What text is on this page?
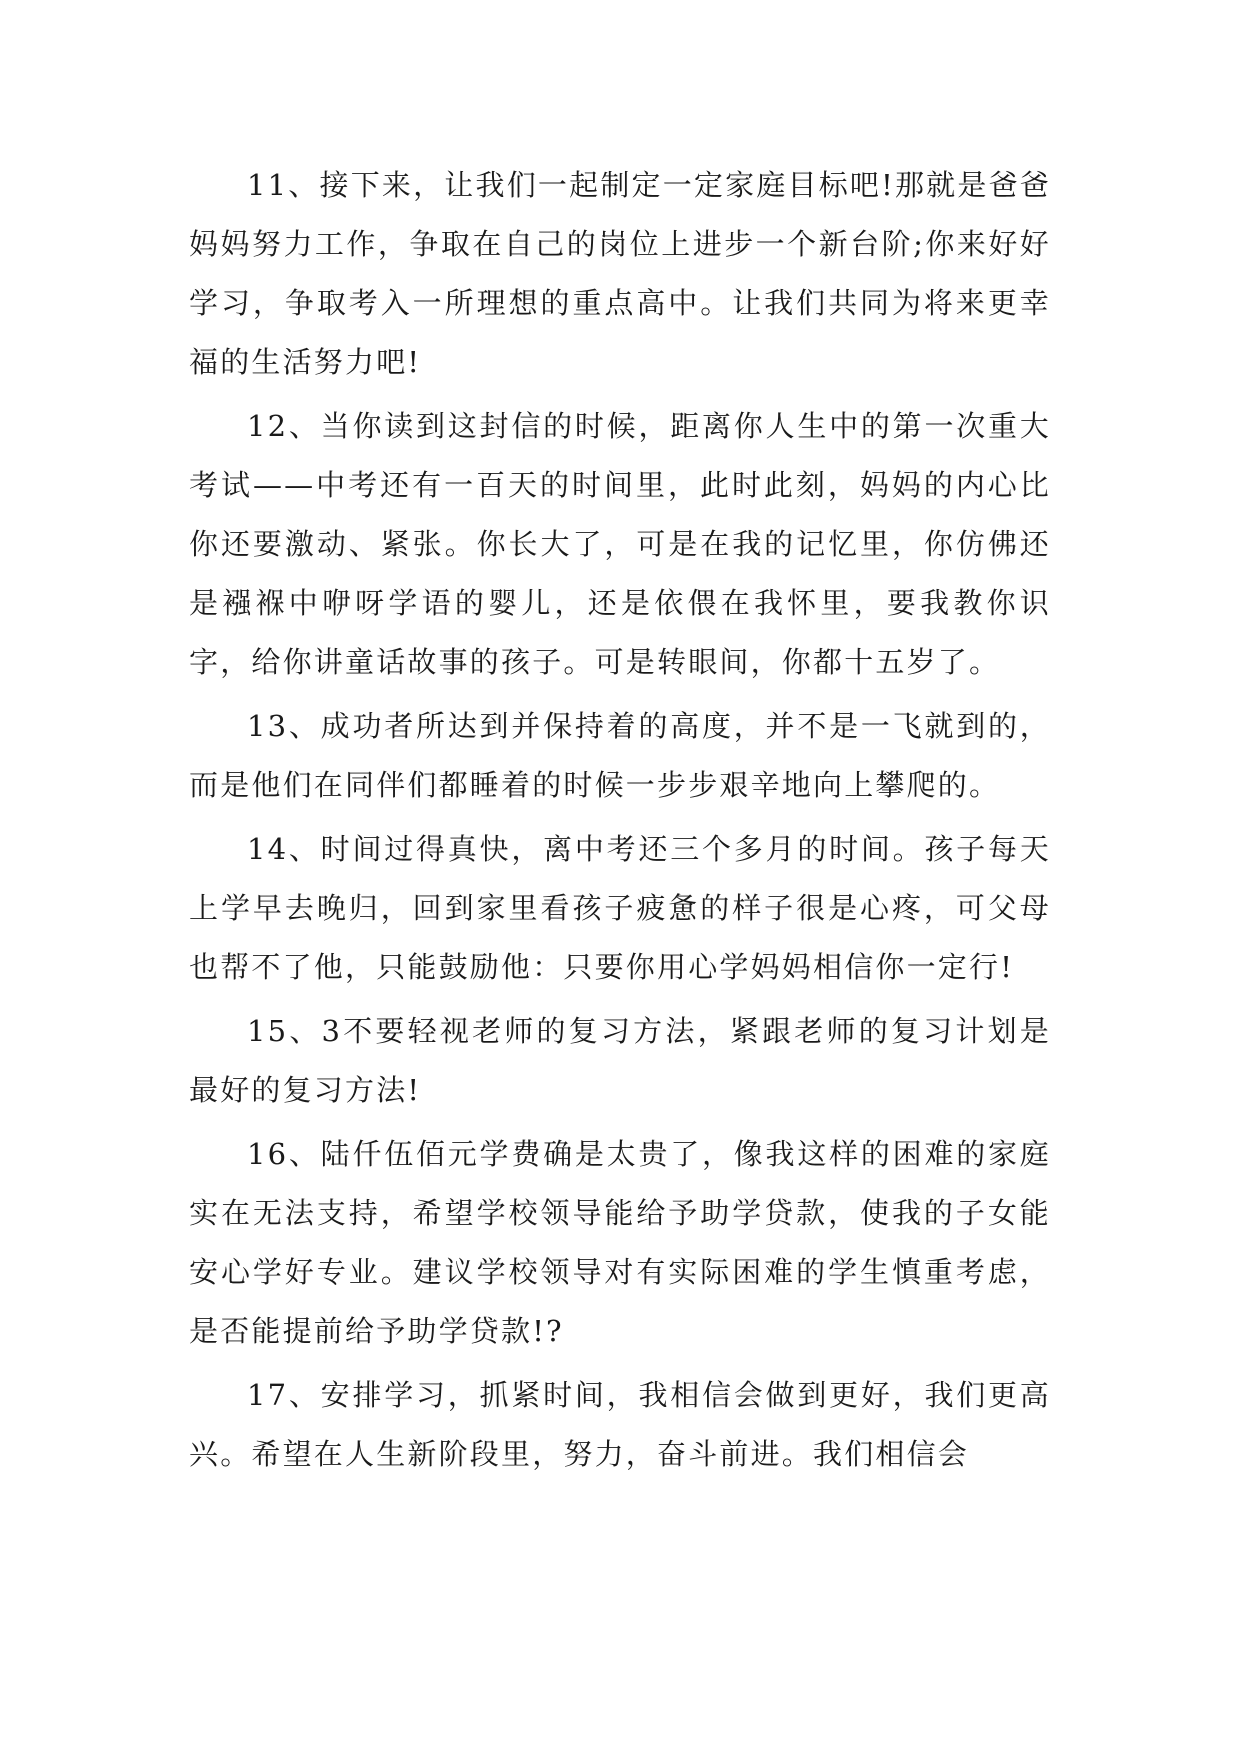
11、接下来，让我们一起制定一定家庭目标吧!那就是爸爸妈妈努力工作，争取在自己的岗位上进步一个新台阶;你来好好学习，争取考入一所理想的重点高中。让我们共同为将来更幸福的生活努力吧!

12、当你读到这封信的时候，距离你人生中的第一次重大考试——中考还有一百天的时间里，此时此刻，妈妈的内心比你还要激动、紧张。你长大了，可是在我的记忆里，你仿佛还是襁褓中咿呀学语的婴儿，还是依偎在我怀里，要我教你识字，给你讲童话故事的孩子。可是转眼间，你都十五岁了。

13、成功者所达到并保持着的高度，并不是一飞就到的，而是他们在同伴们都睡着的时候一步步艰辛地向上攀爬的。

14、时间过得真快，离中考还三个多月的时间。孩子每天上学早去晚归，回到家里看孩子疲惫的样子很是心疼，可父母也帮不了他，只能鼓励他：只要你用心学妈妈相信你一定行!

15、3不要轻视老师的复习方法，紧跟老师的复习计划是最好的复习方法!

16、陆仟伍佰元学费确是太贵了，像我这样的困难的家庭实在无法支持，希望学校领导能给予助学贷款，使我的子女能安心学好专业。建议学校领导对有实际困难的学生慎重考虑，是否能提前给予助学贷款!?

17、安排学习，抓紧时间，我相信会做到更好，我们更高兴。希望在人生新阶段里，努力，奋斗前进。我们相信会
